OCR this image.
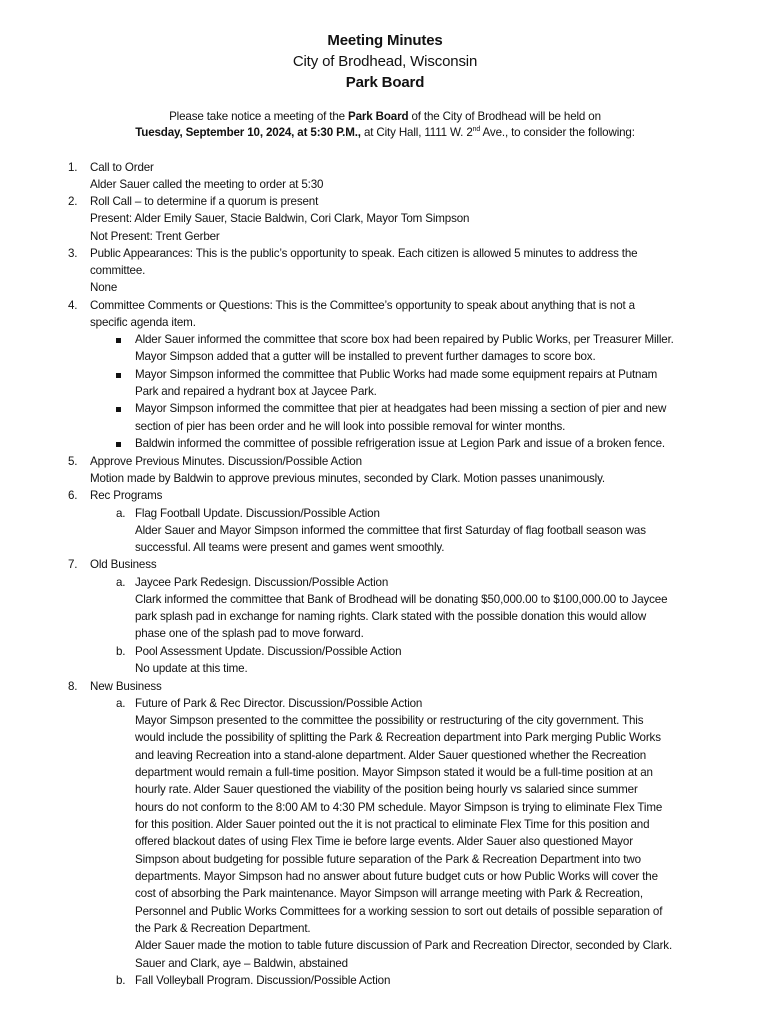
Meeting Minutes
City of Brodhead, Wisconsin
Park Board
Please take notice a meeting of the Park Board of the City of Brodhead will be held on
Tuesday, September 10, 2024, at 5:30 P.M., at City Hall, 1111 W. 2nd Ave., to consider the following:
1. Call to Order
Alder Sauer called the meeting to order at 5:30
2. Roll Call – to determine if a quorum is present
Present: Alder Emily Sauer, Stacie Baldwin, Cori Clark, Mayor Tom Simpson
Not Present: Trent Gerber
3. Public Appearances: This is the public’s opportunity to speak. Each citizen is allowed 5 minutes to address the
committee.
None
4. Committee Comments or Questions: This is the Committee’s opportunity to speak about anything that is not a
specific agenda item.
Alder Sauer informed the committee that score box had been repaired by Public Works, per Treasurer Miller.
Mayor Simpson added that a gutter will be installed to prevent further damages to score box.
Mayor Simpson informed the committee that Public Works had made some equipment repairs at Putnam
Park and repaired a hydrant box at Jaycee Park.
Mayor Simpson informed the committee that pier at headgates had been missing a section of pier and new
section of pier has been order and he will look into possible removal for winter months.
Baldwin informed the committee of possible refrigeration issue at Legion Park and issue of a broken fence.
5. Approve Previous Minutes. Discussion/Possible Action
Motion made by Baldwin to approve previous minutes, seconded by Clark. Motion passes unanimously.
6. Rec Programs
a. Flag Football Update. Discussion/Possible Action
Alder Sauer and Mayor Simpson informed the committee that first Saturday of flag football season was
successful. All teams were present and games went smoothly.
7. Old Business
a. Jaycee Park Redesign. Discussion/Possible Action
Clark informed the committee that Bank of Brodhead will be donating $50,000.00 to $100,000.00 to Jaycee
park splash pad in exchange for naming rights. Clark stated with the possible donation this would allow
phase one of the splash pad to move forward.
b. Pool Assessment Update. Discussion/Possible Action
No update at this time.
8. New Business
a. Future of Park & Rec Director. Discussion/Possible Action
Mayor Simpson presented to the committee the possibility or restructuring of the city government. This
would include the possibility of splitting the Park & Recreation department into Park merging Public Works
and leaving Recreation into a stand-alone department. Alder Sauer questioned whether the Recreation
department would remain a full-time position. Mayor Simpson stated it would be a full-time position at an
hourly rate. Alder Sauer questioned the viability of the position being hourly vs salaried since summer
hours do not conform to the 8:00 AM to 4:30 PM schedule. Mayor Simpson is trying to eliminate Flex Time
for this position. Alder Sauer pointed out the it is not practical to eliminate Flex Time for this position and
offered blackout dates of using Flex Time ie before large events. Alder Sauer also questioned Mayor
Simpson about budgeting for possible future separation of the Park & Recreation Department into two
departments. Mayor Simpson had no answer about future budget cuts or how Public Works will cover the
cost of absorbing the Park maintenance. Mayor Simpson will arrange meeting with Park & Recreation,
Personnel and Public Works Committees for a working session to sort out details of possible separation of
the Park & Recreation Department.
Alder Sauer made the motion to table future discussion of Park and Recreation Director, seconded by Clark.
Sauer and Clark, aye – Baldwin, abstained
b. Fall Volleyball Program. Discussion/Possible Action
